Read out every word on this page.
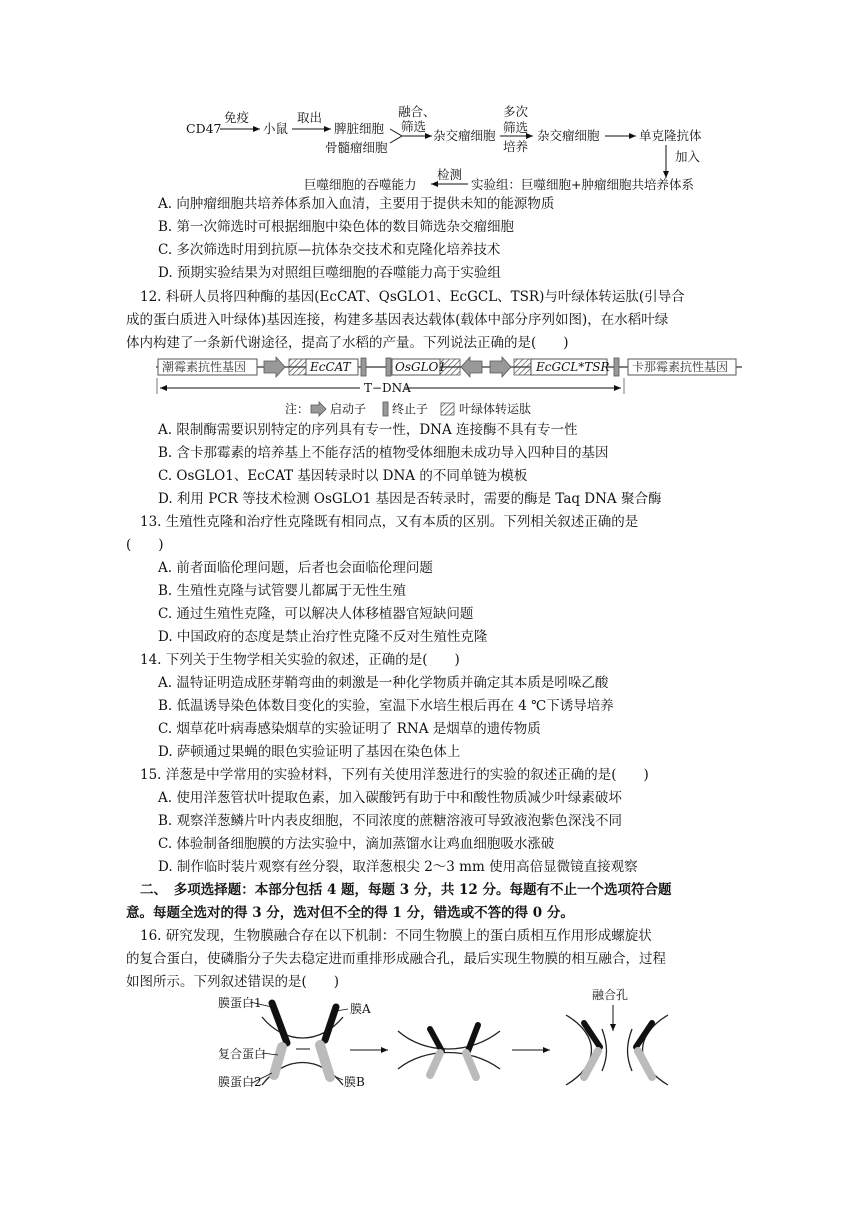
CD47
免疫
小鼠
取出
脾脏细胞
骨髓瘤细胞
融合、
筛选
杂交瘤细胞
多次
筛选
培养
杂交瘤细胞	单克隆抗体
加入
巨噬细胞的吞噬能力
检测
实验组：巨噬细胞+肿瘤细胞共培养体系
A. 向肿瘤细胞共培养体系加入血清，主要用于提供未知的能源物质
B. 第一次筛选时可根据细胞中染色体的数目筛选杂交瘤细胞
C. 多次筛选时用到抗原—抗体杂交技术和克隆化培养技术
D. 预期实验结果为对照组巨噬细胞的吞噬能力高于实验组
12. 科研人员将四种酶的基因(EcCAT、QsGLO1、EcGCL、TSR)与叶绿体转运肽(引导合
成的蛋白质进入叶绿体)基因连接，构建多基因表达载体(载体中部分序列如图)，在水稻叶绿
体内构建了一条新代谢途径，提高了水稻的产量。下列说法正确的是(　　)
潮霉素抗性基因	EcCAT	OsGLO1	EcGCL*TSR 卡那霉素抗性基因
T−DNA
注： 启动子 终止子	叶绿体转运肽
A. 限制酶需要识别特定的序列具有专一性，DNA 连接酶不具有专一性
B. 含卡那霉素的培养基上不能存活的植物受体细胞未成功导入四种目的基因
C. OsGLO1、EcCAT 基因转录时以 DNA 的不同单链为模板
D. 利用 PCR 等技术检测 OsGLO1 基因是否转录时，需要的酶是 Taq DNA 聚合酶
13. 生殖性克隆和治疗性克隆既有相同点，又有本质的区别。下列相关叙述正确的是
(　　)
A. 前者面临伦理问题，后者也会面临伦理问题
B. 生殖性克隆与试管婴儿都属于无性生殖
C. 通过生殖性克隆，可以解决人体移植器官短缺问题
D. 中国政府的态度是禁止治疗性克隆不反对生殖性克隆
14. 下列关于生物学相关实验的叙述，正确的是(　　)
A. 温特证明造成胚芽鞘弯曲的刺激是一种化学物质并确定其本质是吲哚乙酸
B. 低温诱导染色体数目变化的实验，室温下水培生根后再在 4 ℃下诱导培养
C. 烟草花叶病毒感染烟草的实验证明了 RNA 是烟草的遗传物质
D. 萨顿通过果蝇的眼色实验证明了基因在染色体上
15. 洋葱是中学常用的实验材料，下列有关使用洋葱进行的实验的叙述正确的是(　　)
A. 使用洋葱管状叶提取色素，加入碳酸钙有助于中和酸性物质减少叶绿素破坏
B. 观察洋葱鳞片叶内表皮细胞，不同浓度的蔗糖溶液可导致液泡紫色深浅不同
C. 体验制备细胞膜的方法实验中，滴加蒸馏水让鸡血细胞吸水涨破
D. 制作临时装片观察有丝分裂，取洋葱根尖 2～3 mm 使用高倍显微镜直接观察
二、　多项选择题：本部分包括 4 题，每题 3 分，共 12 分。每题有不止一个选项符合题
意。每题全选对的得 3 分，选对但不全的得 1 分，错选或不答的得 0 分。
16. 研究发现，生物膜融合存在以下机制：不同生物膜上的蛋白质相互作用形成螺旋状
的复合蛋白，使磷脂分子失去稳定进而重排形成融合孔，最后实现生物膜的相互融合，过程
如图所示。下列叙述错误的是(　　)
膜蛋白1	膜A
复合蛋白
膜蛋白2	膜B
融合孔
